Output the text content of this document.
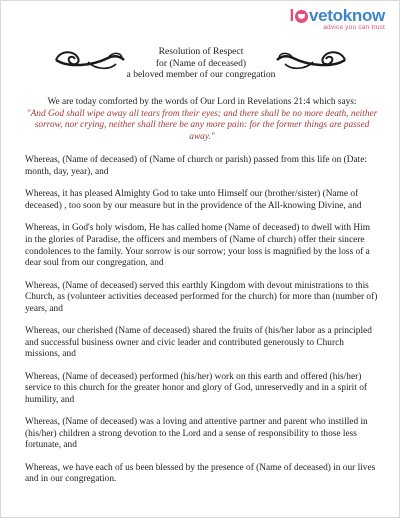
l vetoknow
advice you can trust
Resolution of Respect
for (Name of deceased)
a beloved member of our congregation
We are today comforted by the words of Our Lord in Revelations 21:4 which says:
"And God shall wipe away all tears from their eyes; and there shall be no more death, neither sorrow, nor crying, neither shall there be any more pain: for the former things are passed away."

Whereas, (Name of deceased) of (Name of church or parish) passed from this life on (Date: month, day, year), and

Whereas, it has pleased Almighty God to take unto Himself our (brother/sister) (Name of deceased) , too soon by our measure but in the providence of the All-knowing Divine, and

Whereas, in God's holy wisdom, He has called home (Name of deceased) to dwell with Him in the glories of Paradise, the officers and members of (Name of church) offer their sincere condolences to the family. Your sorrow is our sorrow; your loss is magnified by the loss of a dear soul from our congregation, and

Whereas, (Name of deceased) served this earthly Kingdom with devout ministrations to this Church, as (volunteer activities deceased performed for the church) for more than (number of) years, and

Whereas, our cherished (Name of deceased) shared the fruits of (his/her labor as a principled and successful business owner and civic leader and contributed generously to Church missions, and

Whereas, (Name of deceased) performed (his/her) work on this earth and offered (his/her) service to this church for the greater honor and glory of God, unreservedly and in a spirit of humility, and

Whereas, (Name of deceased) was a loving and attentive partner and parent who instilled in (his/her) children a strong devotion to the Lord and a sense of responsibility to those less fortunate, and

Whereas, we have each of us been blessed by the presence of (Name of deceased) in our lives and in our congregation.
